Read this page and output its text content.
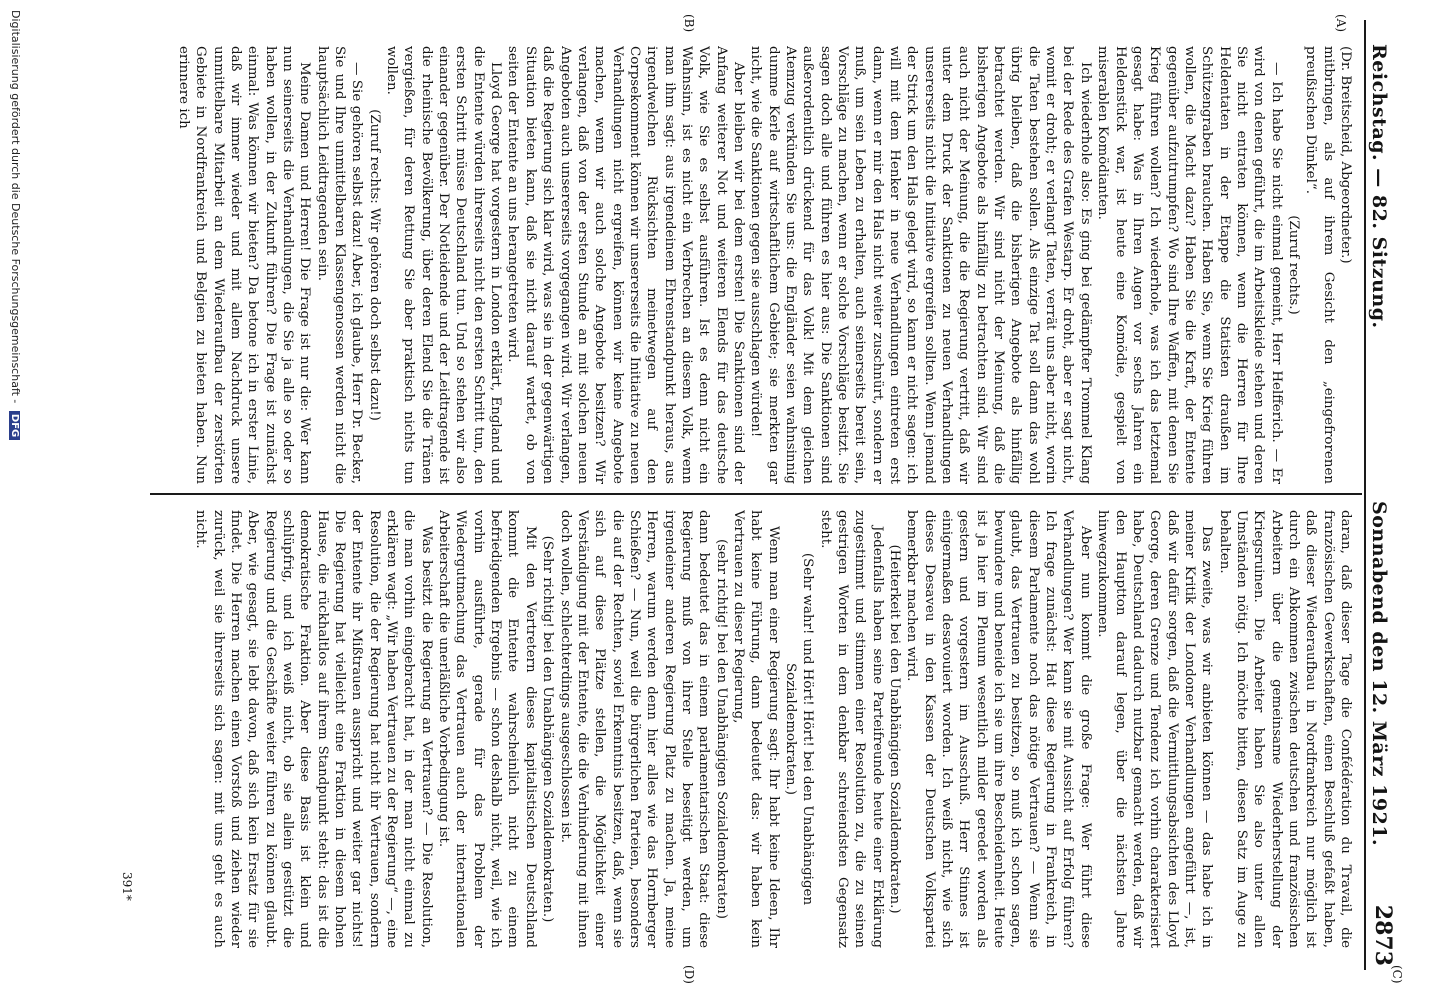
Reichstag. — 82. Sitzung.
Sonnabend den 12. März 1921.
2873
(A)
(B)
(C)
(D)

(Dr. Breitscheid, Abgeordneter.)

mitbringen, als auf ihrem Gesicht den „eingefrorenen preußischen Dünkel“.

(Zuruf rechts.)

— Ich habe Sie nicht einmal gemeint, Herr Helfferich. — Er wird von denen geführt, die im Arbeitskleide stehen und deren Sie nicht entraten können, wenn die Herren für Ihre Heldentaten in der Etappe die Statisten draußen im Schützengraben brauchen. Haben Sie, wenn Sie Krieg führen wollen, die Macht dazu? Haben Sie die Kraft, der Entente gegenüber aufzutrumpfen? Wo sind Ihre Waffen, mit denen Sie Krieg führen wollen? Ich wiederhole, was ich das letztemal gesagt habe: Was in Ihren Augen vor sechs Jahren ein Heldenstück war, ist heute eine Komödie, gespielt von miserablen Komödianten.

Ich wiederhole also: Es ging bei gedämpfter Trommel Klang bei der Rede des Grafen Westarp. Er droht, aber er sagt nicht, womit er droht; er verlangt Taten, verrät uns aber nicht, worin die Taten bestehen sollen. Als einzige Tat soll dann das wohl übrig bleiben, daß die bisherigen Angebote als hinfällig betrachtet werden. Wir sind nicht der Meinung, daß die bisherigen Angebote als hinfällig zu betrachten sind. Wir sind auch nicht der Meinung, die die Regierung vertritt, daß wir unter dem Druck der Sanktionen zu neuen Verhandlungen unsererseits nicht die Initiative ergreifen sollten. Wenn jemand der Strick um den Hals gelegt wird, so kann er nicht sagen: ich will mit dem Henker in neue Verhandlungen eintreten erst dann, wenn er mir den Hals nicht weiter zuschnürt, sondern er muß, um sein Leben zu erhalten, auch seinerseits bereit sein, Vorschläge zu machen, wenn er solche Vorschläge besitzt. Sie sagen doch alle und führen es hier aus: Die Sanktionen sind außerordentlich drückend für das Volk! Mit dem gleichen Atemzug verkünden Sie uns: die Engländer seien wahnsinnig dumme Kerle auf wirtschaftlichem Gebiete; sie merkten gar nicht, wie die Sanktionen gegen sie ausschlagen würden!

Aber bleiben wir bei dem ersten! Die Sanktionen sind der Anfang weiterer Not und weiteren Elends für das deutsche Volk, wie Sie es selbst ausführen. Ist es denn nicht ein Wahnsinn, ist es nicht ein Verbrechen an diesem Volk, wenn man ihm sagt: aus irgendeinem Ehrenstandpunkt heraus, aus irgendwelchen Rücksichten meinetwegen auf den Corpsekomment können wir unsererseits die Initiative zu neuen Verhandlungen nicht ergreifen, können wir keine Angebote machen, wenn wir auch solche Angebote besitzen? Wir verlangen, daß von der ersten Stunde an mit solchen neuen Angeboten auch unsererseits vorgegangen wird. Wir verlangen, daß die Regierung sich klar wird, was sie in der gegenwärtigen Situation bieten kann, daß sie nicht darauf wartet, ob von seiten der Entente an uns herangetreten wird.

Lloyd George hat vorgestern in London erklärt, England und die Entente würden ihrerseits nicht den ersten Schritt tun, den ersten Schritt müsse Deutschland tun. Und so stehen wir also einander gegenüber. Der Notleidende und der Leidtragende ist die rheinische Bevölkerung, über deren Elend Sie die Tränen vergießen, für deren Rettung Sie aber praktisch nichts tun wollen.

(Zuruf rechts: Wir gehören doch selbst dazu!)

— Sie gehören selbst dazu! Aber, ich glaube, Herr Dr. Becker, Sie und Ihre unmittelbaren Klassengenossen werden nicht die hauptsächlich Leidtragenden sein.

Meine Damen und Herren! Die Frage ist nur die: Wer kann nun seinerseits die Verhandlungen, die Sie ja alle so oder so haben wollen, in der Zukunft führen? Die Frage ist zunächst einmal: Was können wir bieten? Da betone ich in erster Linie, daß wir immer wieder und mit allem Nachdruck unsere unmittelbare Mitarbeit an dem Wiederaufbau der zerstörten Gebiete in Nordfrankreich und Belgien zu bieten haben. Nun erinnere ich

daran, daß dieser Tage die Confédération du Travail, die französischen Gewerkschaften, einen Beschluß gefaßt haben, daß dieser Wiederaufbau in Nordfrankreich nur möglich ist durch ein Abkommen zwischen deutschen und französischen Arbeitern über die gemeinsame Wiederherstellung der Kriegsruinen. Die Arbeiter haben Sie also unter allen Umständen nötig. Ich möchte bitten, diesen Satz im Auge zu behalten.

Das zweite, was wir anbieten können — das habe ich in meiner Kritik der Londoner Verhandlungen angeführt —, ist, daß wir dafür sorgen, daß die Vermittlungsabsichten des Lloyd George, deren Grenze und Tendenz ich vorhin charakterisiert habe, Deutschland dadurch nutzbar gemacht werden, daß wir den Hauptton darauf legen, über die nächsten Jahre hinwegzukommen.

Aber nun kommt die große Frage: Wer führt diese Verhandlungen? Wer kann sie mit Aussicht auf Erfolg führen? Ich frage zunächst: Hat diese Regierung in Frankreich, in diesem Parlamente noch das nötige Vertrauen? — Wenn sie glaubt, das Vertrauen zu besitzen, so muß ich schon sagen, bewundere und beneide ich sie um ihre Bescheidenheit. Heute ist ja hier im Plenum wesentlich milder geredet worden als gestern und vorgestern im Ausschuß. Herr Stinnes ist einigermaßen desavouiert worden. Ich weiß nicht, wie sich dieses Desaveu in den Kassen der Deutschen Volkspartei bemerkbar machen wird.

(Heiterkeit bei den Unabhängigen Sozialdemokraten.)

Jedenfalls haben seine Parteifreunde heute einer Erklärung zugestimmt und stimmen einer Resolution zu, die zu seinen gestrigen Worten in dem denkbar schreiendsten Gegensatz steht.

(Sehr wahr! und Hört! Hört! bei den Unabhängigen Sozialdemokraten.)

Wenn man einer Regierung sagt: Ihr habt keine Ideen, Ihr habt keine Führung, dann bedeutet das: wir haben kein Vertrauen zu dieser Regierung,

(sehr richtig! bei den Unabhängigen Sozialdemokraten)

dann bedeutet das in einem parlamentarischen Staat: diese Regierung muß von ihrer Stelle beseitigt werden, um irgendeiner anderen Regierung Platz zu machen. Ja, meine Herren, warum werden denn hier alles wie das Hornberger Schießen? — Nun, weil die bürgerlichen Parteien, besonders die auf der Rechten, soviel Erkenntnis besitzen, daß, wenn sie sich auf diese Plätze stellen, die Möglichkeit einer Verständigung mit der Entente, die die Verhinderung mit ihnen doch wollen, schlechterdings ausgeschlossen ist.

(Sehr richtig! bei den Unabhängigen Sozialdemokraten.)

Mit den Vertretern dieses kapitalistischen Deutschland kommt die Entente wahrscheinlich nicht zu einem befriedigenden Ergebnis — schon deshalb nicht, weil, wie ich vorhin ausführte, gerade für das Problem der Wiedergutmachung das Vertrauen auch der internationalen Arbeiterschaft die unerläßliche Vorbedingung ist.

Was besitzt die Regierung an Vertrauen? — Die Resolution, die man vorhin eingebracht hat, in der man nicht einmal zu erklären wagt: „Wir haben Vertrauen zu der Regierung“ —, eine Resolution, die der Regierung hat nicht ihr Vertrauen, sondern der Entente ihr Mißtrauen ausspricht und weiter gar nichts! Die Regierung hat vielleicht eine Fraktion in diesem hohen Hause, die rückhaltlos auf ihrem Standpunkt steht: das ist die demokratische Fraktion. Aber diese Basis ist klein und schlüpfrig, und ich weiß nicht, ob sie allein gestützt die Regierung und die Geschäfte weiter führen zu können glaubt. Aber, wie gesagt, sie lebt davon, daß sich kein Ersatz für sie findet. Die Herren machen einen Vorstoß und ziehen wieder zurück, weil sie ihrerseits sich sagen: mit uns geht es auch nicht.

391*
Digitalisierung gefördert durch die Deutsche Forschungsgemeinschaft - DFG
